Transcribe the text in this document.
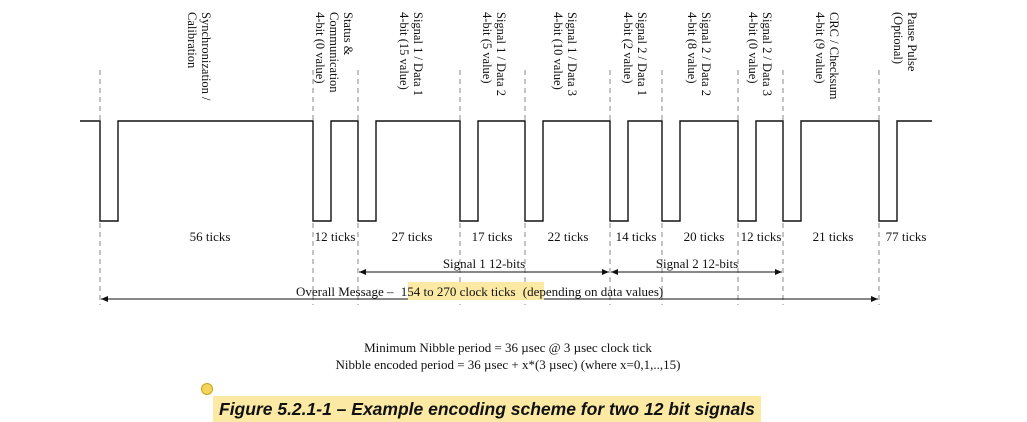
Synchronization / Calibration	Status & Communication 4-bit (0 value)	Signal 1 / Data 1 4-bit (15 value)	Signal 1 / Data 2 4-bit (5 value)	Signal 1 / Data 3 4-bit (10 value)	Signal 2 / Data 1 4-bit (2 value)	Signal 2 / Data 2 4-bit (8 value)	Signal 2 / Data 3 4-bit (0 value)	CRC / Checksum 4-bit (9 value)	Pause Pulse (Optional)
56 ticks	12 ticks	27 ticks	17 ticks	22 ticks 14 ticks 20 ticks 12 ticks 21 ticks 77 ticks
Signal 1 12-bits	Signal 2 12-bits
Overall Message – 154 to 270 clock ticks (depending on data values)
Minimum Nibble period = 36 µsec @ 3 µsec clock tick
Nibble encoded period = 36 µsec + x*(3 µsec) (where x=0,1,..,15)
Figure 5.2.1-1 – Example encoding scheme for two 12 bit signals
